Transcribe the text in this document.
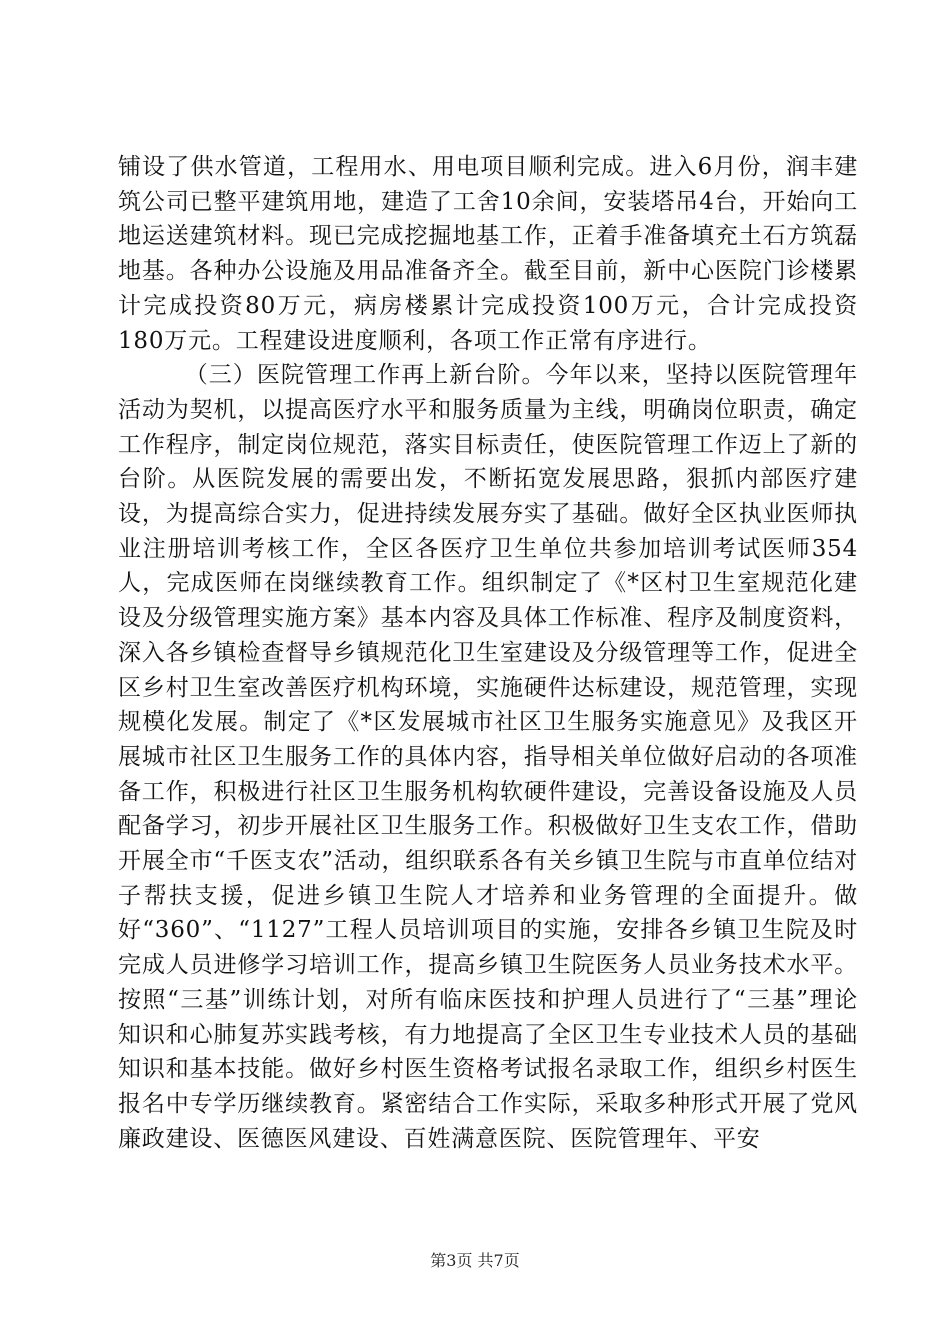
铺设了供水管道，工程用水、用电项目顺利完成。进入6月份，润丰建筑公司已整平建筑用地，建造了工舍10余间，安装塔吊4台，开始向工地运送建筑材料。现已完成挖掘地基工作，正着手准备填充土石方筑磊地基。各种办公设施及用品准备齐全。截至目前，新中心医院门诊楼累计完成投资80万元，病房楼累计完成投资100万元，合计完成投资180万元。工程建设进度顺利，各项工作正常有序进行。

（三）医院管理工作再上新台阶。今年以来，坚持以医院管理年活动为契机，以提高医疗水平和服务质量为主线，明确岗位职责，确定工作程序，制定岗位规范，落实目标责任，使医院管理工作迈上了新的台阶。从医院发展的需要出发，不断拓宽发展思路，狠抓内部医疗建设，为提高综合实力，促进持续发展夯实了基础。做好全区执业医师执业注册培训考核工作，全区各医疗卫生单位共参加培训考试医师354人，完成医师在岗继续教育工作。组织制定了《*区村卫生室规范化建设及分级管理实施方案》基本内容及具体工作标准、程序及制度资料，深入各乡镇检查督导乡镇规范化卫生室建设及分级管理等工作，促进全区乡村卫生室改善医疗机构环境，实施硬件达标建设，规范管理，实现规模化发展。制定了《*区发展城市社区卫生服务实施意见》及我区开展城市社区卫生服务工作的具体内容，指导相关单位做好启动的各项准备工作，积极进行社区卫生服务机构软硬件建设，完善设备设施及人员配备学习，初步开展社区卫生服务工作。积极做好卫生支农工作，借助开展全市“千医支农”活动，组织联系各有关乡镇卫生院与市直单位结对子帮扶支援，促进乡镇卫生院人才培养和业务管理的全面提升。做好“360”、“1127”工程人员培训项目的实施，安排各乡镇卫生院及时完成人员进修学习培训工作，提高乡镇卫生院医务人员业务技术水平。按照“三基”训练计划，对所有临床医技和护理人员进行了“三基”理论知识和心肺复苏实践考核，有力地提高了全区卫生专业技术人员的基础知识和基本技能。做好乡村医生资格考试报名录取工作，组织乡村医生报名中专学历继续教育。紧密结合工作实际，采取多种形式开展了党风廉政建设、医德医风建设、百姓满意医院、医院管理年、平安

第3页 共7页
